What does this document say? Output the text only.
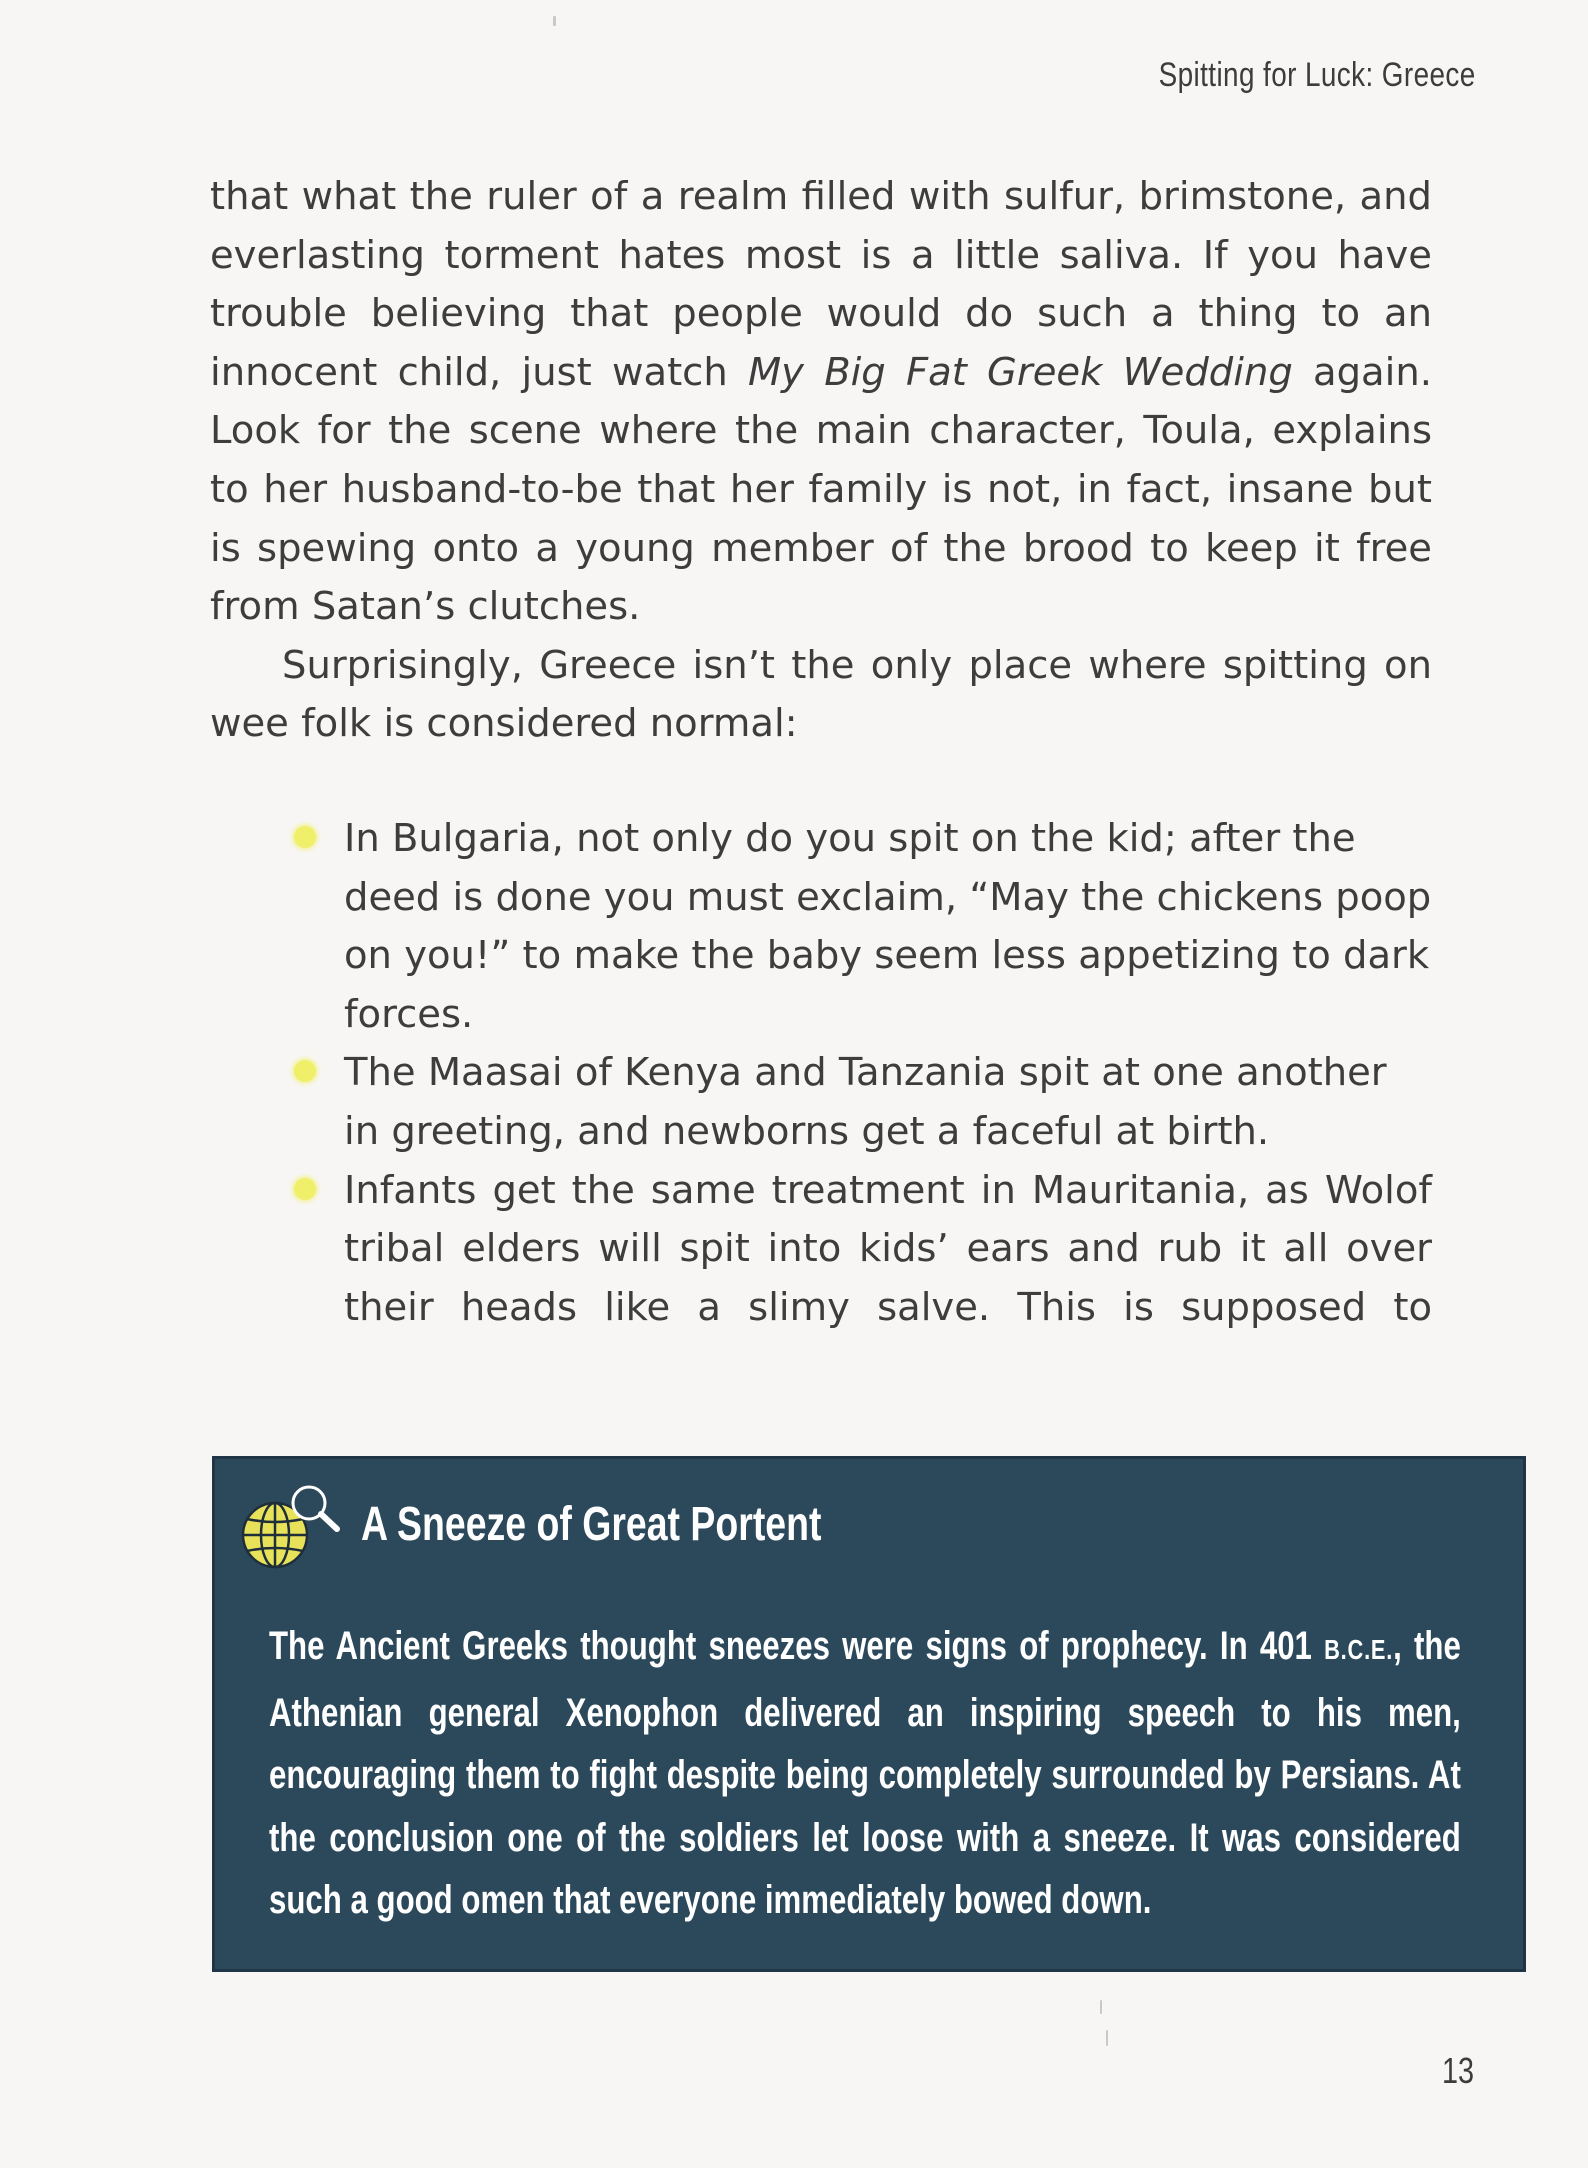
Spitting for Luck: Greece

that what the ruler of a realm filled with sulfur, brimstone, and everlasting torment hates most is a little saliva. If you have trouble believing that people would do such a thing to an innocent child, just watch My Big Fat Greek Wedding again. Look for the scene where the main character, Toula, explains to her husband-to-be that her family is not, in fact, insane but is spewing onto a young member of the brood to keep it free from Satan’s clutches.

Surprisingly, Greece isn’t the only place where spitting on wee folk is considered normal:

In Bulgaria, not only do you spit on the kid; after the deed is done you must exclaim, “May the chickens poop on you!” to make the baby seem less appetizing to dark forces.
The Maasai of Kenya and Tanzania spit at one another in greeting, and newborns get a faceful at birth.
Infants get the same treatment in Mauritania, as Wolof tribal elders will spit into kids’ ears and rub it all over their heads like a slimy salve. This is supposed to
A Sneeze of Great Portent

The Ancient Greeks thought sneezes were signs of prophecy. In 401 B.C.E., the Athenian general Xenophon delivered an inspiring speech to his men, encouraging them to fight despite being completely surrounded by Persians. At the conclusion one of the soldiers let loose with a sneeze. It was considered such a good omen that everyone immediately bowed down.

13
